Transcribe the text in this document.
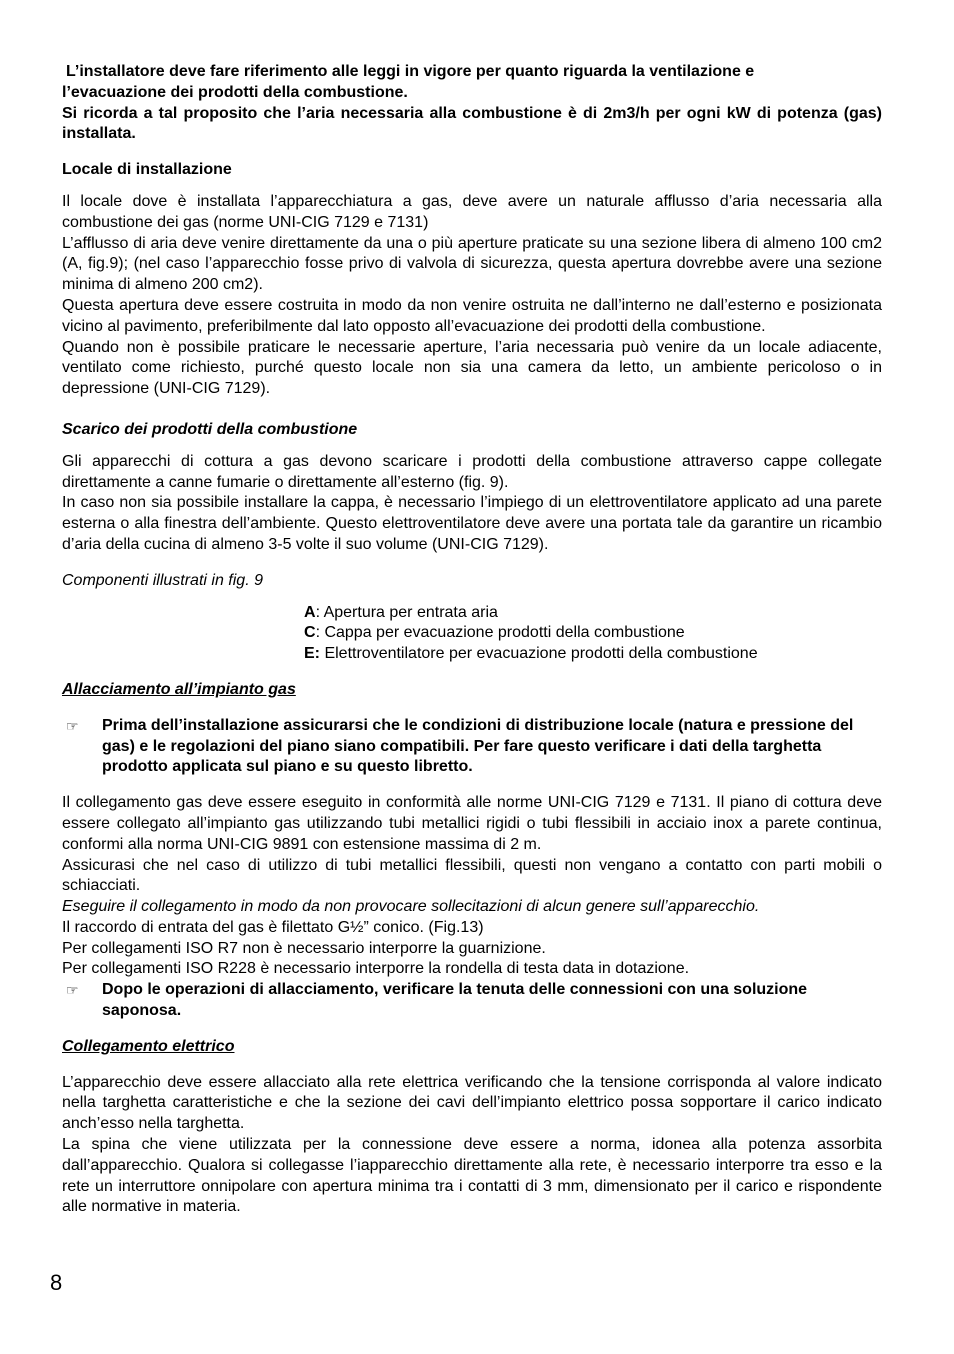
L’installatore deve fare riferimento alle leggi in vigore per quanto riguarda la ventilazione e

l’evacuazione dei prodotti della combustione.

Si ricorda a tal proposito che l’aria necessaria alla combustione è di 2m3/h per ogni kW di potenza (gas) installata.

Locale di installazione

Il locale dove è installata l’apparecchiatura a gas, deve avere un naturale afflusso d’aria necessaria alla combustione dei gas (norme UNI-CIG 7129 e 7131)

L’afflusso di aria deve venire direttamente da una o più aperture praticate su una sezione libera di almeno 100 cm2 (A, fig.9); (nel caso l’apparecchio fosse privo di valvola di sicurezza, questa apertura dovrebbe avere una sezione minima di almeno 200 cm2).

Questa apertura deve essere costruita in modo da non venire ostruita ne dall’interno ne dall’esterno e posizionata vicino al pavimento, preferibilmente dal lato opposto all’evacuazione dei prodotti della combustione.

Quando non è possibile praticare le necessarie aperture, l’aria necessaria può venire da un locale adiacente, ventilato come richiesto, purché questo locale non sia una camera da letto, un ambiente pericoloso o in depressione (UNI-CIG 7129).

Scarico dei prodotti della combustione

Gli apparecchi di cottura a gas devono scaricare i prodotti della combustione attraverso cappe collegate direttamente a canne fumarie o direttamente all’esterno (fig. 9).

In caso non sia possibile installare la cappa, è necessario l’impiego di un elettroventilatore applicato ad una parete esterna o alla finestra dell’ambiente. Questo elettroventilatore deve avere una portata tale da garantire un ricambio d’aria della cucina di almeno 3-5 volte il suo volume (UNI-CIG 7129).

Componenti illustrati in fig. 9

A: Apertura per entrata aria

C: Cappa per evacuazione prodotti della combustione

E: Elettroventilatore per evacuazione prodotti della combustione

Allacciamento all’impianto gas

☞ Prima dell’installazione assicurarsi che le condizioni di distribuzione locale (natura e pressione del gas) e le regolazioni del piano siano compatibili. Per fare questo verificare i dati della targhetta prodotto applicata sul piano e su questo libretto.

Il collegamento gas deve essere eseguito in conformità alle norme UNI-CIG 7129 e 7131. Il piano di cottura deve essere collegato all’impianto gas utilizzando tubi metallici rigidi o tubi flessibili in acciaio inox a parete continua, conformi alla norma UNI-CIG 9891 con estensione massima di 2 m.

Assicurasi che nel caso di utilizzo di tubi metallici flessibili, questi non vengano a contatto con parti mobili o schiacciati.

Eseguire il collegamento in modo da non provocare sollecitazioni di alcun genere sull’apparecchio.

Il raccordo di entrata del gas è filettato G½” conico. (Fig.13)

Per collegamenti ISO R7 non è necessario interporre la guarnizione.

Per collegamenti ISO R228 è necessario interporre la rondella di testa data in dotazione.

☞ Dopo le operazioni di allacciamento, verificare la tenuta delle connessioni con una soluzione saponosa.

Collegamento elettrico

L’apparecchio deve essere allacciato alla rete elettrica verificando che la tensione corrisponda al valore indicato nella targhetta caratteristiche e che la sezione dei cavi dell’impianto elettrico possa sopportare il carico indicato anch’esso nella targhetta.

La spina che viene utilizzata per la connessione deve essere a norma, idonea alla potenza assorbita dall’apparecchio. Qualora si collegasse l’iapparecchio direttamente alla rete, è necessario interporre tra esso e la rete un interruttore onnipolare con apertura minima tra i contatti di 3 mm, dimensionato per il carico e rispondente alle normative in materia.

8
